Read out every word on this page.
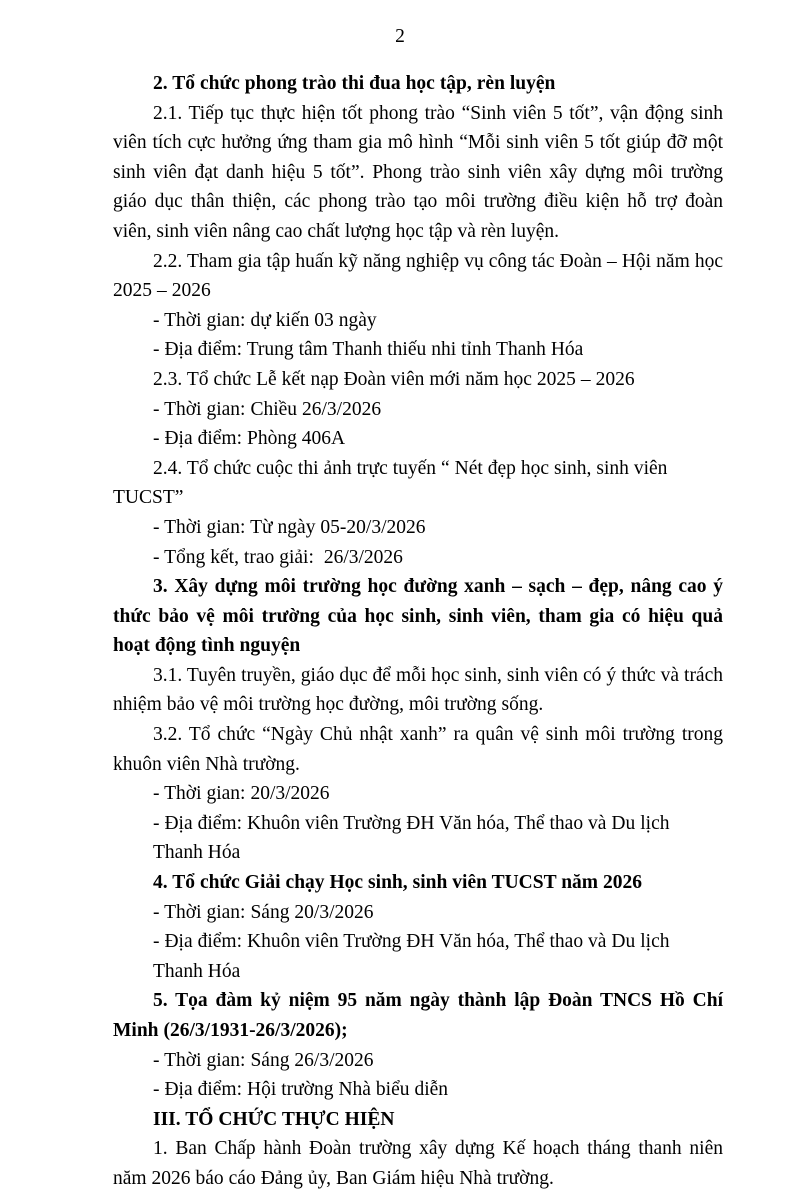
2

2. Tổ chức phong trào thi đua học tập, rèn luyện

2.1. Tiếp tục thực hiện tốt phong trào “Sinh viên 5 tốt”, vận động sinh viên tích cực hưởng ứng tham gia mô hình “Mỗi sinh viên 5 tốt giúp đỡ một sinh viên đạt danh hiệu 5 tốt”. Phong trào sinh viên xây dựng môi trường giáo dục thân thiện, các phong trào tạo môi trường điều kiện hỗ trợ đoàn viên, sinh viên nâng cao chất lượng học tập và rèn luyện.

2.2. Tham gia tập huấn kỹ năng nghiệp vụ công tác Đoàn – Hội năm học 2025 – 2026

- Thời gian: dự kiến 03 ngày

- Địa điểm: Trung tâm Thanh thiếu nhi tỉnh Thanh Hóa

2.3. Tổ chức Lễ kết nạp Đoàn viên mới năm học 2025 – 2026

- Thời gian: Chiều 26/3/2026

- Địa điểm: Phòng 406A

2.4. Tổ chức cuộc thi ảnh trực tuyến “ Nét đẹp học sinh, sinh viên TUCST”

- Thời gian: Từ ngày 05-20/3/2026

- Tổng kết, trao giải:  26/3/2026

3. Xây dựng môi trường học đường xanh – sạch – đẹp, nâng cao ý thức bảo vệ môi trường của học sinh, sinh viên, tham gia có hiệu quả hoạt động tình nguyện

3.1. Tuyên truyền, giáo dục để mỗi học sinh, sinh viên có ý thức và trách nhiệm bảo vệ môi trường học đường, môi trường sống.

3.2. Tổ chức “Ngày Chủ nhật xanh” ra quân vệ sinh môi trường trong khuôn viên Nhà trường.

- Thời gian: 20/3/2026

- Địa điểm: Khuôn viên Trường ĐH Văn hóa, Thể thao và Du lịch Thanh Hóa

4. Tổ chức Giải chạy Học sinh, sinh viên TUCST năm 2026

- Thời gian: Sáng 20/3/2026

- Địa điểm: Khuôn viên Trường ĐH Văn hóa, Thể thao và Du lịch Thanh Hóa

5. Tọa đàm kỷ niệm 95 năm ngày thành lập Đoàn TNCS Hồ Chí Minh (26/3/1931-26/3/2026);

- Thời gian: Sáng 26/3/2026

- Địa điểm: Hội trường Nhà biểu diễn

III. TỔ CHỨC THỰC HIỆN

1. Ban Chấp hành Đoàn trường xây dựng Kế hoạch tháng thanh niên năm 2026 báo cáo Đảng ủy, Ban Giám hiệu Nhà trường.
